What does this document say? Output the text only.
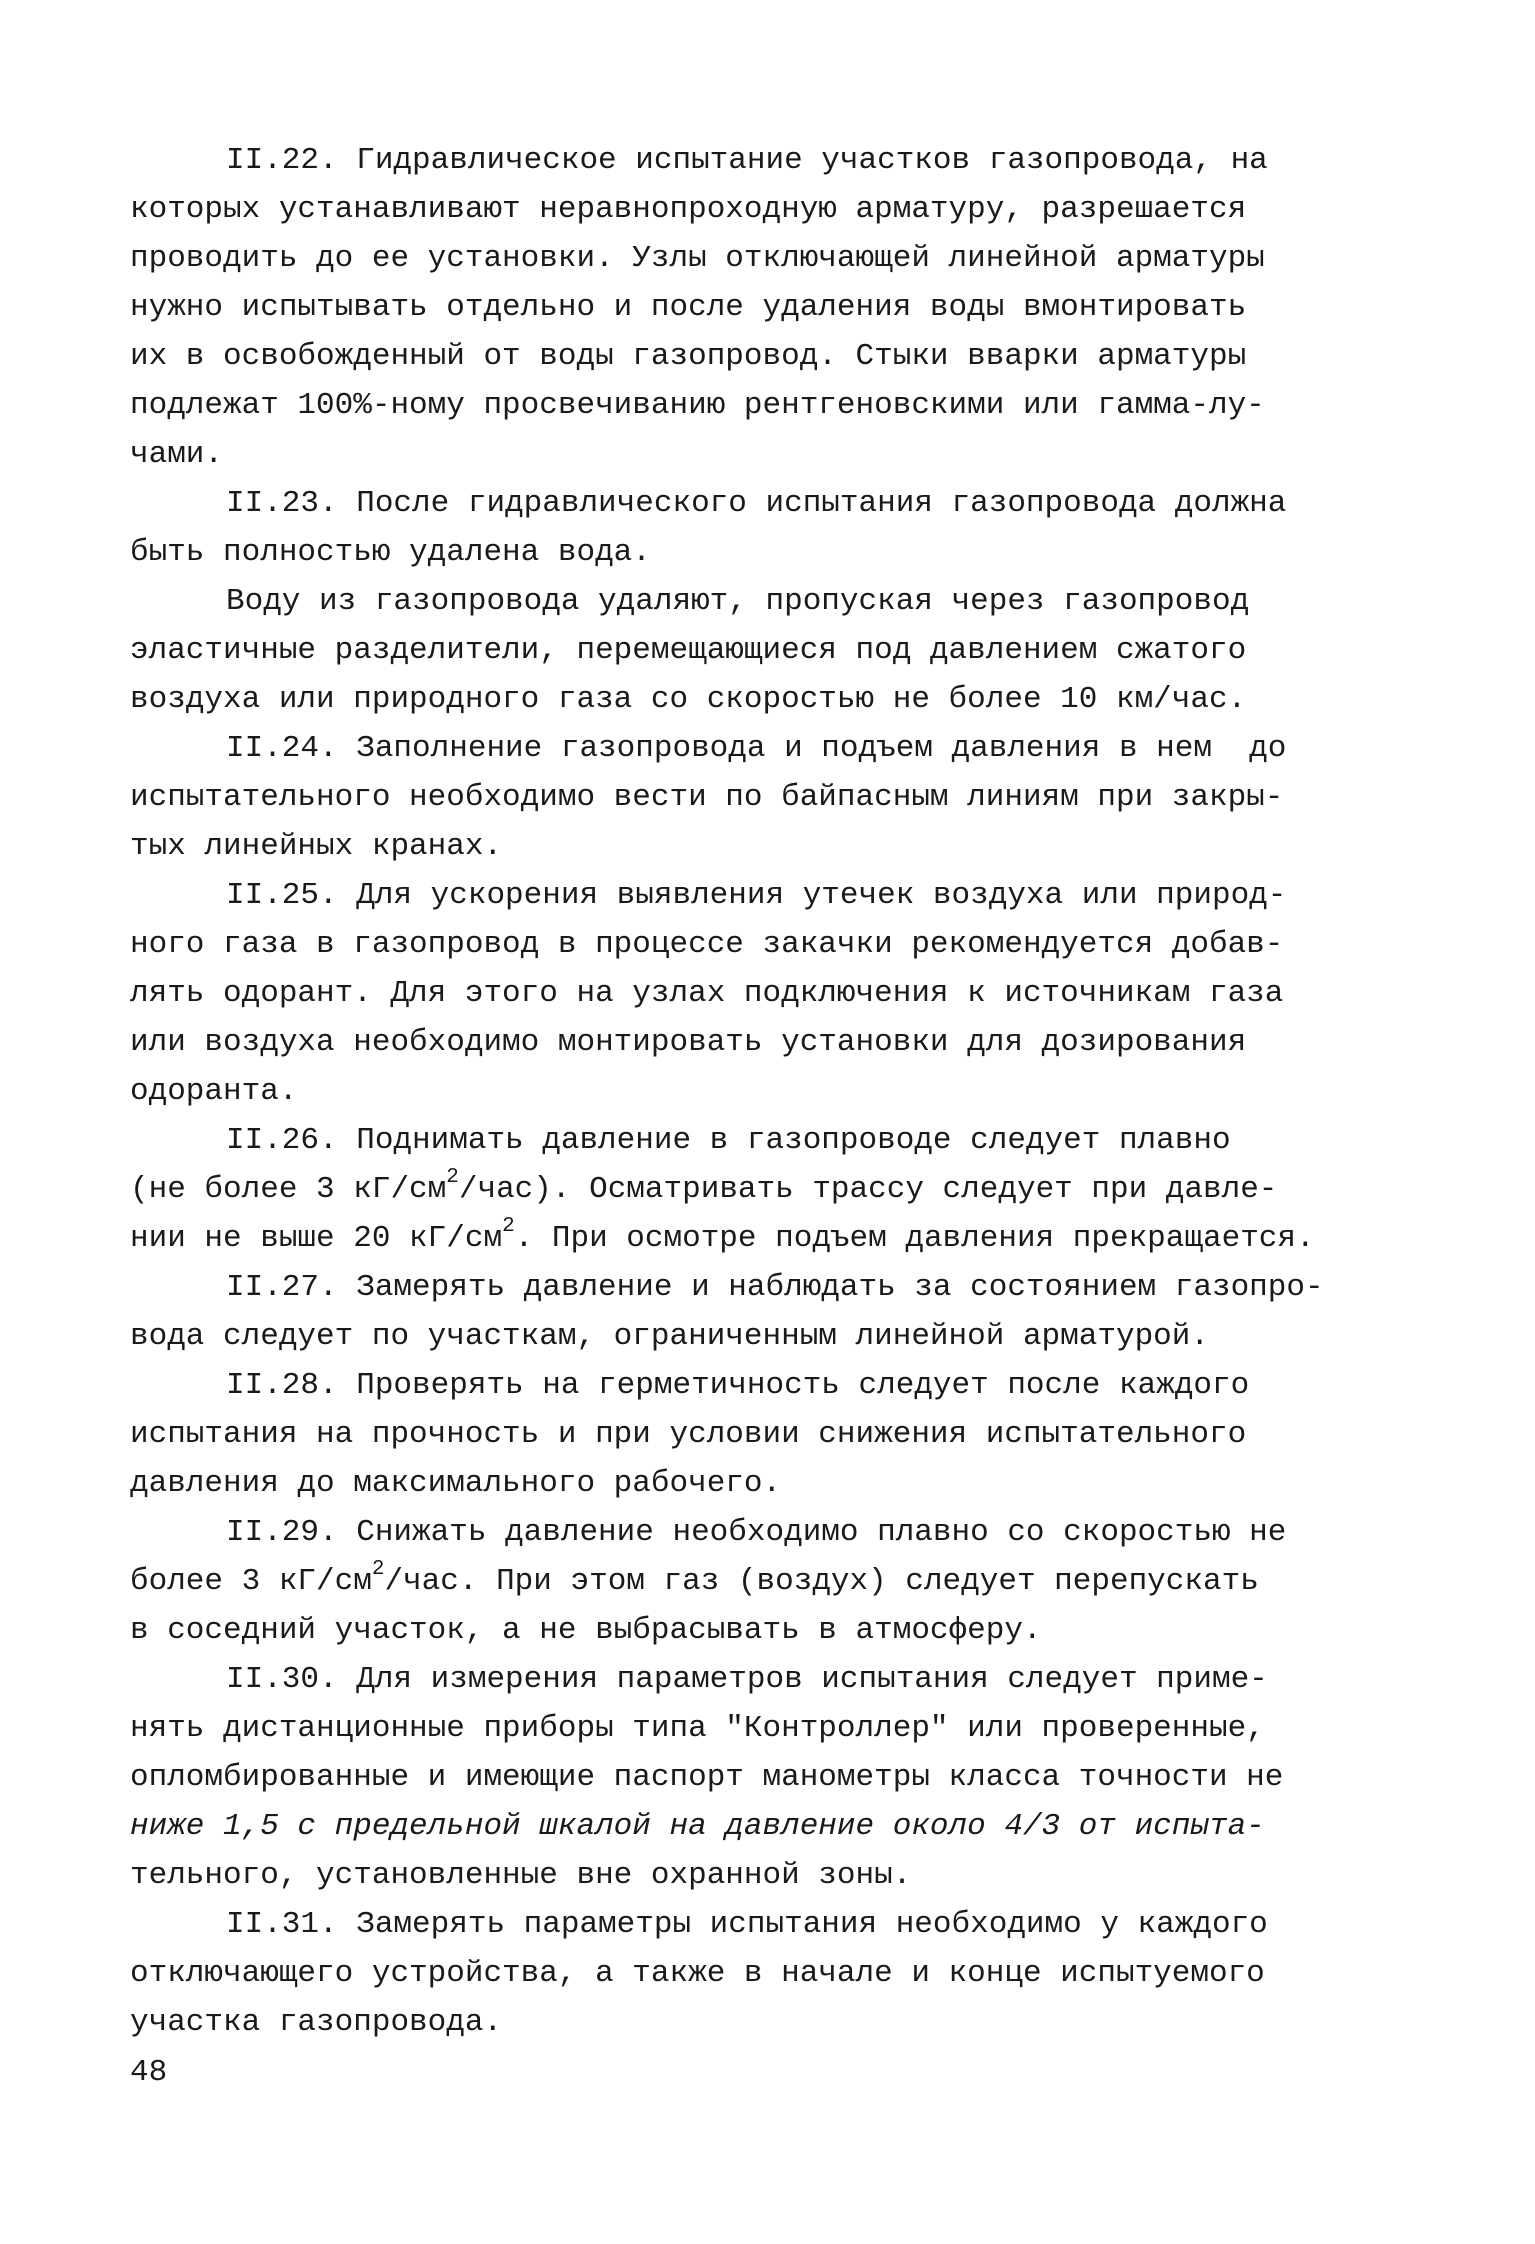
II.22. Гидравлическое испытание участков газопровода, на
которых устанавливают неравнопроходную арматуру, разрешается
проводить до ее установки. Узлы отключающей линейной арматуры
нужно испытывать отдельно и после удаления воды вмонтировать
их в освобожденный от воды газопровод. Стыки вварки арматуры
подлежат 100%-ному просвечиванию рентгеновскими или гамма-лу-
чами.
II.23. После гидравлического испытания газопровода должна
быть полностью удалена вода.
Воду из газопровода удаляют, пропуская через газопровод
эластичные разделители, перемещающиеся под давлением сжатого
воздуха или природного газа со скоростью не более 10 км/час.
II.24. Заполнение газопровода и подъем давления в нем  до
испытательного необходимо вести по байпасным линиям при закры-
тых линейных кранах.
II.25. Для ускорения выявления утечек воздуха или природ-
ного газа в газопровод в процессе закачки рекомендуется добав-
лять одорант. Для этого на узлах подключения к источникам газа
или воздуха необходимо монтировать установки для дозирования
одоранта.
II.26. Поднимать давление в газопроводе следует плавно
(не более 3 $кГ/см^2/час$). Осматривать трассу следует при давле-
нии не выше 20 $кГ/см^2$. При осмотре подъем давления прекращается.
II.27. Замерять давление и наблюдать за состоянием газопро-
вода следует по участкам, ограниченным линейной арматурой.
II.28. Проверять на герметичность следует после каждого
испытания на прочность и при условии снижения испытательного
давления до максимального рабочего.
II.29. Снижать давление необходимо плавно со скоростью не
более 3 $кГ/см^2$/час. При этом газ (воздух) следует перепускать
в соседний участок, а не выбрасывать в атмосферу.
II.30. Для измерения параметров испытания следует приме-
нять дистанционные приборы типа "Контроллер" или проверенные,
опломбированные и имеющие паспорт манометры класса точности не
ниже 1,5 с предельной шкалой на давление около 4/3 от испыта-
тельного, установленные вне охранной зоны.
II.31. Замерять параметры испытания необходимо у каждого
отключающего устройства, а также в начале и конце испытуемого
участка газопровода.
48
